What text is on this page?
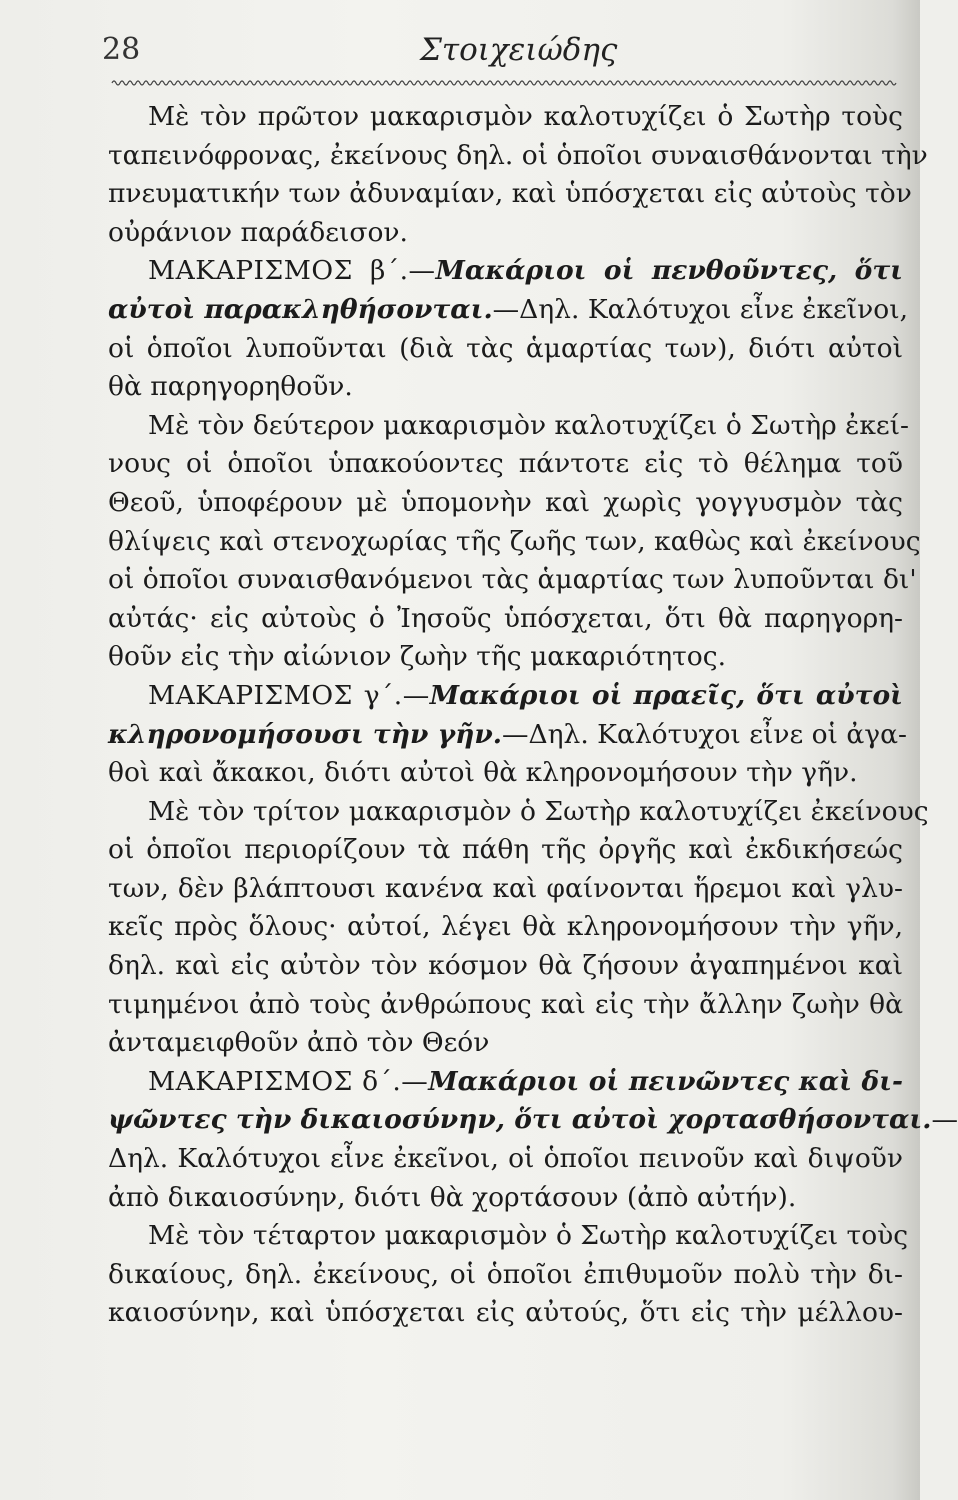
28	Στοιχειώδης
Μὲ τὸν πρῶτον μακαρισμὸν καλοτυχίζει ὁ Σωτὴρ τοὺς
ταπεινόφρονας, ἐκείνους δηλ. οἱ ὁποῖοι συναισθάνονται τὴν
πνευματικήν των ἀδυναμίαν, καὶ ὑπόσχεται εἰς αὐτοὺς τὸν
οὐράνιον παράδεισον.
ΜΑΚΑΡΙΣΜΟΣ β΄.—Μακάριοι οἱ πενθοῦντες, ὅτι
αὐτοὶ παρακληθήσονται.—Δηλ. Καλότυχοι εἶνε ἐκεῖνοι,
οἱ ὁποῖοι λυποῦνται (διὰ τὰς ἁμαρτίας των), διότι αὐτοὶ
θὰ παρηγορηθοῦν.
Μὲ τὸν δεύτερον μακαρισμὸν καλοτυχίζει ὁ Σωτὴρ ἐκεί-
νους οἱ ὁποῖοι ὑπακούοντες πάντοτε εἰς τὸ θέλημα τοῦ
Θεοῦ, ὑποφέρουν μὲ ὑπομονὴν καὶ χωρὶς γογγυσμὸν τὰς
θλίψεις καὶ στενοχωρίας τῆς ζωῆς των, καθὼς καὶ ἐκείνους
οἱ ὁποῖοι συναισθανόμενοι τὰς ἁμαρτίας των λυποῦνται δι'
αὐτάς· εἰς αὐτοὺς ὁ Ἰησοῦς ὑπόσχεται, ὅτι θὰ παρηγορη-
θοῦν εἰς τὴν αἰώνιον ζωὴν τῆς μακαριότητος.
ΜΑΚΑΡΙΣΜΟΣ γ΄.—Μακάριοι οἱ πραεῖς, ὅτι αὐτοὶ
κληρονομήσουσι τὴν γῆν.—Δηλ. Καλότυχοι εἶνε οἱ ἀγα-
θοὶ καὶ ἄκακοι, διότι αὐτοὶ θὰ κληρονομήσουν τὴν γῆν.
Μὲ τὸν τρίτον μακαρισμὸν ὁ Σωτὴρ καλοτυχίζει ἐκείνους
οἱ ὁποῖοι περιορίζουν τὰ πάθη τῆς ὀργῆς καὶ ἐκδικήσεώς
των, δὲν βλάπτουσι κανένα καὶ φαίνονται ἥρεμοι καὶ γλυ-
κεῖς πρὸς ὅλους· αὐτοί, λέγει θὰ κληρονομήσουν τὴν γῆν,
δηλ. καὶ εἰς αὐτὸν τὸν κόσμον θὰ ζήσουν ἀγαπημένοι καὶ
τιμημένοι ἀπὸ τοὺς ἀνθρώπους καὶ εἰς τὴν ἄλλην ζωὴν θὰ
ἀνταμειφθοῦν ἀπὸ τὸν Θεόν
ΜΑΚΑΡΙΣΜΟΣ δ΄.—Μακάριοι οἱ πεινῶντες καὶ δι-
ψῶντες τὴν δικαιοσύνην, ὅτι αὐτοὶ χορτασθήσονται.—
Δηλ. Καλότυχοι εἶνε ἐκεῖνοι, οἱ ὁποῖοι πεινοῦν καὶ διψοῦν
ἀπὸ δικαιοσύνην, διότι θὰ χορτάσουν (ἀπὸ αὐτήν).
Μὲ τὸν τέταρτον μακαρισμὸν ὁ Σωτὴρ καλοτυχίζει τοὺς
δικαίους, δηλ. ἐκείνους, οἱ ὁποῖοι ἐπιθυμοῦν πολὺ τὴν δι-
καιοσύνην, καὶ ὑπόσχεται εἰς αὐτούς, ὅτι εἰς τὴν μέλλου-
